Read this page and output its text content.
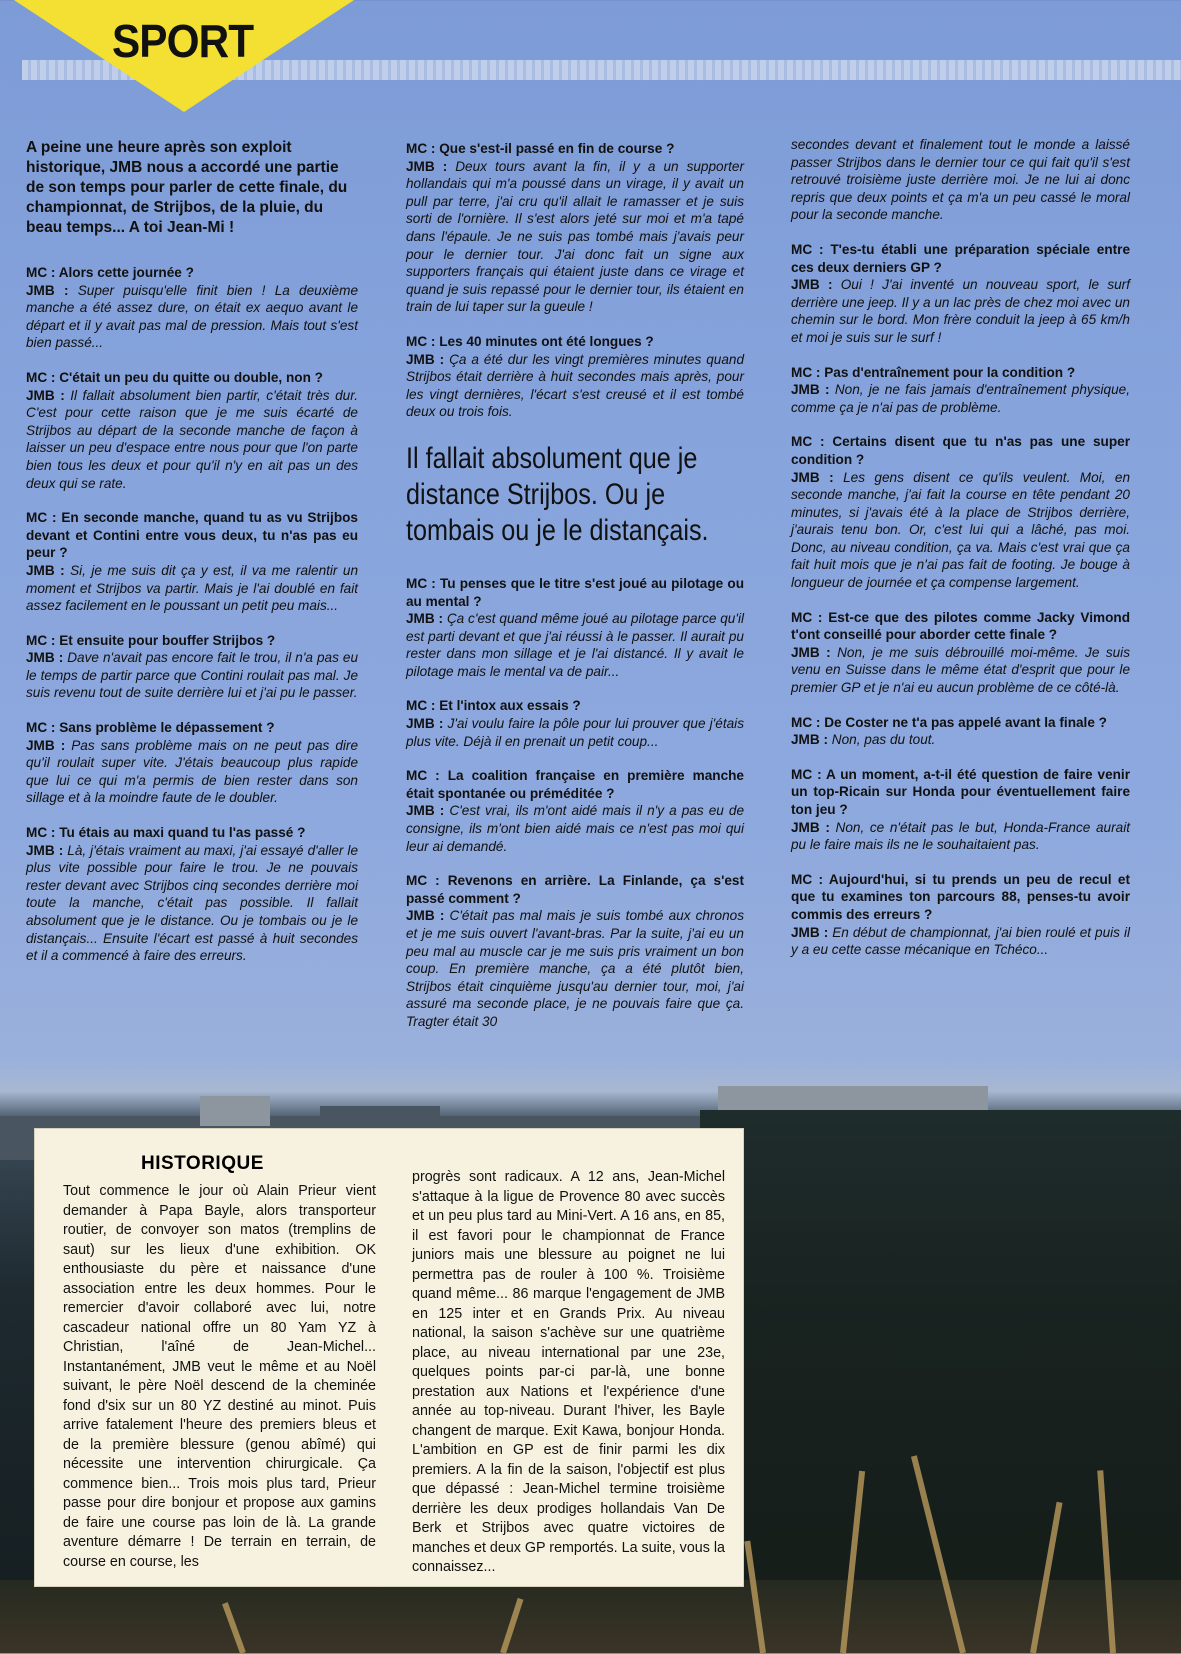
SPORT

A peine une heure après son exploit historique, JMB nous a accordé une partie de son temps pour parler de cette finale, du championnat, de Strijbos, de la pluie, du beau temps... A toi Jean-Mi !

MC : Alors cette journée ?
JMB : Super puisqu'elle finit bien ! La deuxième manche a été assez dure, on était ex aequo avant le départ et il y avait pas mal de pression. Mais tout s'est bien passé...

MC : C'était un peu du quitte ou double, non ?
JMB : Il fallait absolument bien partir, c'était très dur. C'est pour cette raison que je me suis écarté de Strijbos au départ de la seconde manche de façon à laisser un peu d'espace entre nous pour que l'on parte bien tous les deux et pour qu'il n'y en ait pas un des deux qui se rate.

MC : En seconde manche, quand tu as vu Strijbos devant et Contini entre vous deux, tu n'as pas eu peur ?
JMB : Si, je me suis dit ça y est, il va me ralentir un moment et Strijbos va partir. Mais je l'ai doublé en fait assez facilement en le poussant un petit peu mais...

MC : Et ensuite pour bouffer Strijbos ?
JMB : Dave n'avait pas encore fait le trou, il n'a pas eu le temps de partir parce que Contini roulait pas mal. Je suis revenu tout de suite derrière lui et j'ai pu le passer.

MC : Sans problème le dépassement ?
JMB : Pas sans problème mais on ne peut pas dire qu'il roulait super vite. J'étais beaucoup plus rapide que lui ce qui m'a permis de bien rester dans son sillage et à la moindre faute de le doubler.

MC : Tu étais au maxi quand tu l'as passé ?
JMB : Là, j'étais vraiment au maxi, j'ai essayé d'aller le plus vite possible pour faire le trou. Je ne pouvais rester devant avec Strijbos cinq secondes derrière moi toute la manche, c'était pas possible. Il fallait absolument que je le distance. Ou je tombais ou je le distançais... Ensuite l'écart est passé à huit secondes et il a commencé à faire des erreurs.

MC : Que s'est-il passé en fin de course ?
JMB : Deux tours avant la fin, il y a un supporter hollandais qui m'a poussé dans un virage, il y avait un pull par terre, j'ai cru qu'il allait le ramasser et je suis sorti de l'ornière. Il s'est alors jeté sur moi et m'a tapé dans l'épaule. Je ne suis pas tombé mais j'avais peur pour le dernier tour. J'ai donc fait un signe aux supporters français qui étaient juste dans ce virage et quand je suis repassé pour le dernier tour, ils étaient en train de lui taper sur la gueule !

MC : Les 40 minutes ont été longues ?
JMB : Ça a été dur les vingt premières minutes quand Strijbos était derrière à huit secondes mais après, pour les vingt dernières, l'écart s'est creusé et il est tombé deux ou trois fois.

Il fallait absolument que je distance Strijbos. Ou je tombais ou je le distançais.

MC : Tu penses que le titre s'est joué au pilotage ou au mental ?
JMB : Ça c'est quand même joué au pilotage parce qu'il est parti devant et que j'ai réussi à le passer. Il aurait pu rester dans mon sillage et je l'ai distancé. Il y avait le pilotage mais le mental va de pair...

MC : Et l'intox aux essais ?
JMB : J'ai voulu faire la pôle pour lui prouver que j'étais plus vite. Déjà il en prenait un petit coup...

MC : La coalition française en première manche était spontanée ou préméditée ?
JMB : C'est vrai, ils m'ont aidé mais il n'y a pas eu de consigne, ils m'ont bien aidé mais ce n'est pas moi qui leur ai demandé.

MC : Revenons en arrière. La Finlande, ça s'est passé comment ?
JMB : C'était pas mal mais je suis tombé aux chronos et je me suis ouvert l'avant-bras. Par la suite, j'ai eu un peu mal au muscle car je me suis pris vraiment un bon coup. En première manche, ça a été plutôt bien, Strijbos était cinquième jusqu'au dernier tour, moi, j'ai assuré ma seconde place, je ne pouvais faire que ça. Tragter était 30

secondes devant et finalement tout le monde a laissé passer Strijbos dans le dernier tour ce qui fait qu'il s'est retrouvé troisième juste derrière moi. Je ne lui ai donc repris que deux points et ça m'a un peu cassé le moral pour la seconde manche.

MC : T'es-tu établi une préparation spéciale entre ces deux derniers GP ?
JMB : Oui ! J'ai inventé un nouveau sport, le surf derrière une jeep. Il y a un lac près de chez moi avec un chemin sur le bord. Mon frère conduit la jeep à 65 km/h et moi je suis sur le surf !

MC : Pas d'entraînement pour la condition ?
JMB : Non, je ne fais jamais d'entraînement physique, comme ça je n'ai pas de problème.

MC : Certains disent que tu n'as pas une super condition ?
JMB : Les gens disent ce qu'ils veulent. Moi, en seconde manche, j'ai fait la course en tête pendant 20 minutes, si j'avais été à la place de Strijbos derrière, j'aurais tenu bon. Or, c'est lui qui a lâché, pas moi. Donc, au niveau condition, ça va. Mais c'est vrai que ça fait huit mois que je n'ai pas fait de footing. Je bouge à longueur de journée et ça compense largement.

MC : Est-ce que des pilotes comme Jacky Vimond t'ont conseillé pour aborder cette finale ?
JMB : Non, je me suis débrouillé moi-même. Je suis venu en Suisse dans le même état d'esprit que pour le premier GP et je n'ai eu aucun problème de ce côté-là.

MC : De Coster ne t'a pas appelé avant la finale ?
JMB : Non, pas du tout.

MC : A un moment, a-t-il été question de faire venir un top-Ricain sur Honda pour éventuellement faire ton jeu ?
JMB : Non, ce n'était pas le but, Honda-France aurait pu le faire mais ils ne le souhaitaient pas.

MC : Aujourd'hui, si tu prends un peu de recul et que tu examines ton parcours 88, penses-tu avoir commis des erreurs ?
JMB : En début de championnat, j'ai bien roulé et puis il y a eu cette casse mécanique en Tchéco...

HISTORIQUE
Tout commence le jour où Alain Prieur vient demander à Papa Bayle, alors transporteur routier, de convoyer son matos (tremplins de saut) sur les lieux d'une exhibition. OK enthousiaste du père et naissance d'une association entre les deux hommes. Pour le remercier d'avoir collaboré avec lui, notre cascadeur national offre un 80 Yam YZ à Christian, l'aîné de Jean-Michel... Instantanément, JMB veut le même et au Noël suivant, le père Noël descend de la cheminée fond d'six sur un 80 YZ destiné au minot. Puis arrive fatalement l'heure des premiers bleus et de la première blessure (genou abîmé) qui nécessite une intervention chirurgicale. Ça commence bien... Trois mois plus tard, Prieur passe pour dire bonjour et propose aux gamins de faire une course pas loin de là. La grande aventure démarre ! De terrain en terrain, de course en course, les
progrès sont radicaux. A 12 ans, Jean-Michel s'attaque à la ligue de Provence 80 avec succès et un peu plus tard au Mini-Vert. A 16 ans, en 85, il est favori pour le championnat de France juniors mais une blessure au poignet ne lui permettra pas de rouler à 100 %. Troisième quand même... 86 marque l'engagement de JMB en 125 inter et en Grands Prix. Au niveau national, la saison s'achève sur une quatrième place, au niveau international par une 23e, quelques points par-ci par-là, une bonne prestation aux Nations et l'expérience d'une année au top-niveau. Durant l'hiver, les Bayle changent de marque. Exit Kawa, bonjour Honda. L'ambition en GP est de finir parmi les dix premiers. A la fin de la saison, l'objectif est plus que dépassé : Jean-Michel termine troisième derrière les deux prodiges hollandais Van De Berk et Strijbos avec quatre victoires de manches et deux GP remportés. La suite, vous la connaissez...
